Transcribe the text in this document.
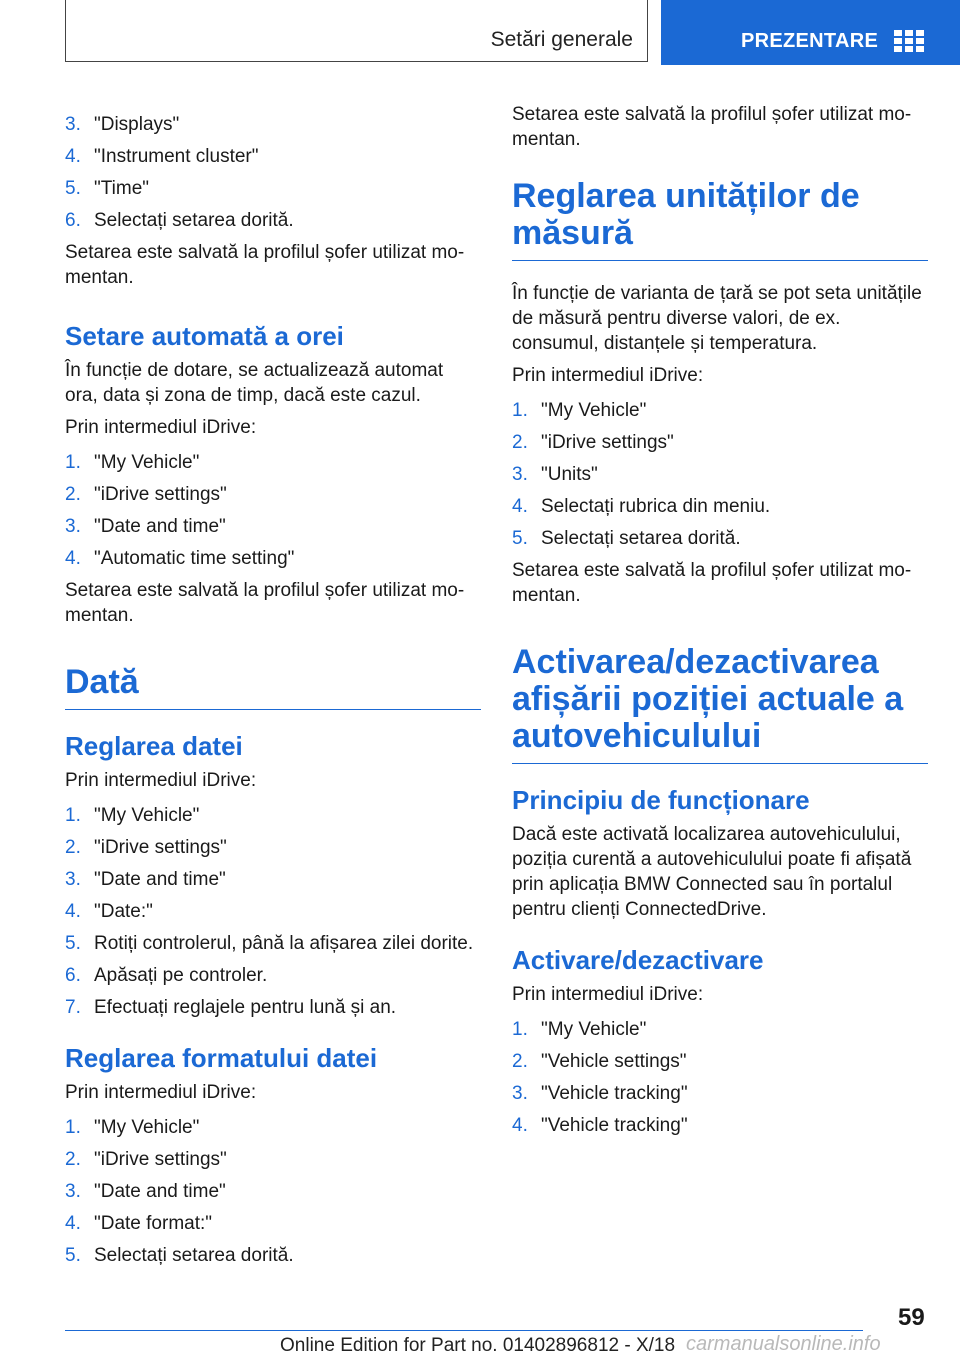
Setări generale	PREZENTARE
3. "Displays"
4. "Instrument cluster"
5. "Time"
6. Selectați setarea dorită.

Setarea este salvată la profilul șofer utilizat mo-mentan.

Setare automată a orei

În funcție de dotare, se actualizează automat ora, data și zona de timp, dacă este cazul.

Prin intermediul iDrive:

1. "My Vehicle"
2. "iDrive settings"
3. "Date and time"
4. "Automatic time setting"

Setarea este salvată la profilul șofer utilizat mo-mentan.

Dată
Reglarea datei

Prin intermediul iDrive:

1. "My Vehicle"
2. "iDrive settings"
3. "Date and time"
4. "Date:"
5. Rotiți controlerul, până la afișarea zilei dorite.
6. Apăsați pe controler.
7. Efectuați reglajele pentru lună și an.
Reglarea formatului datei

Prin intermediul iDrive:

1. "My Vehicle"
2. "iDrive settings"
3. "Date and time"
4. "Date format:"
5. Selectați setarea dorită.

Setarea este salvată la profilul șofer utilizat mo-mentan.

Reglarea unităților de măsură

În funcție de varianta de țară se pot seta unitățile de măsură pentru diverse valori, de ex. consumul, distanțele și temperatura.

Prin intermediul iDrive:

1. "My Vehicle"
2. "iDrive settings"
3. "Units"
4. Selectați rubrica din meniu.
5. Selectați setarea dorită.

Setarea este salvată la profilul șofer utilizat mo-mentan.

Activarea/dezactivarea afișării poziției actuale a autovehiculului
Principiu de funcționare

Dacă este activată localizarea autovehiculului, poziția curentă a autovehiculului poate fi afișată prin aplicația BMW Connected sau în portalul pentru clienți ConnectedDrive.

Activare/dezactivare

Prin intermediul iDrive:

1. "My Vehicle"
2. "Vehicle settings"
3. "Vehicle tracking"
4. "Vehicle tracking"
59
Online Edition for Part no. 01402896812 - X/18 carmanualsonline.info
